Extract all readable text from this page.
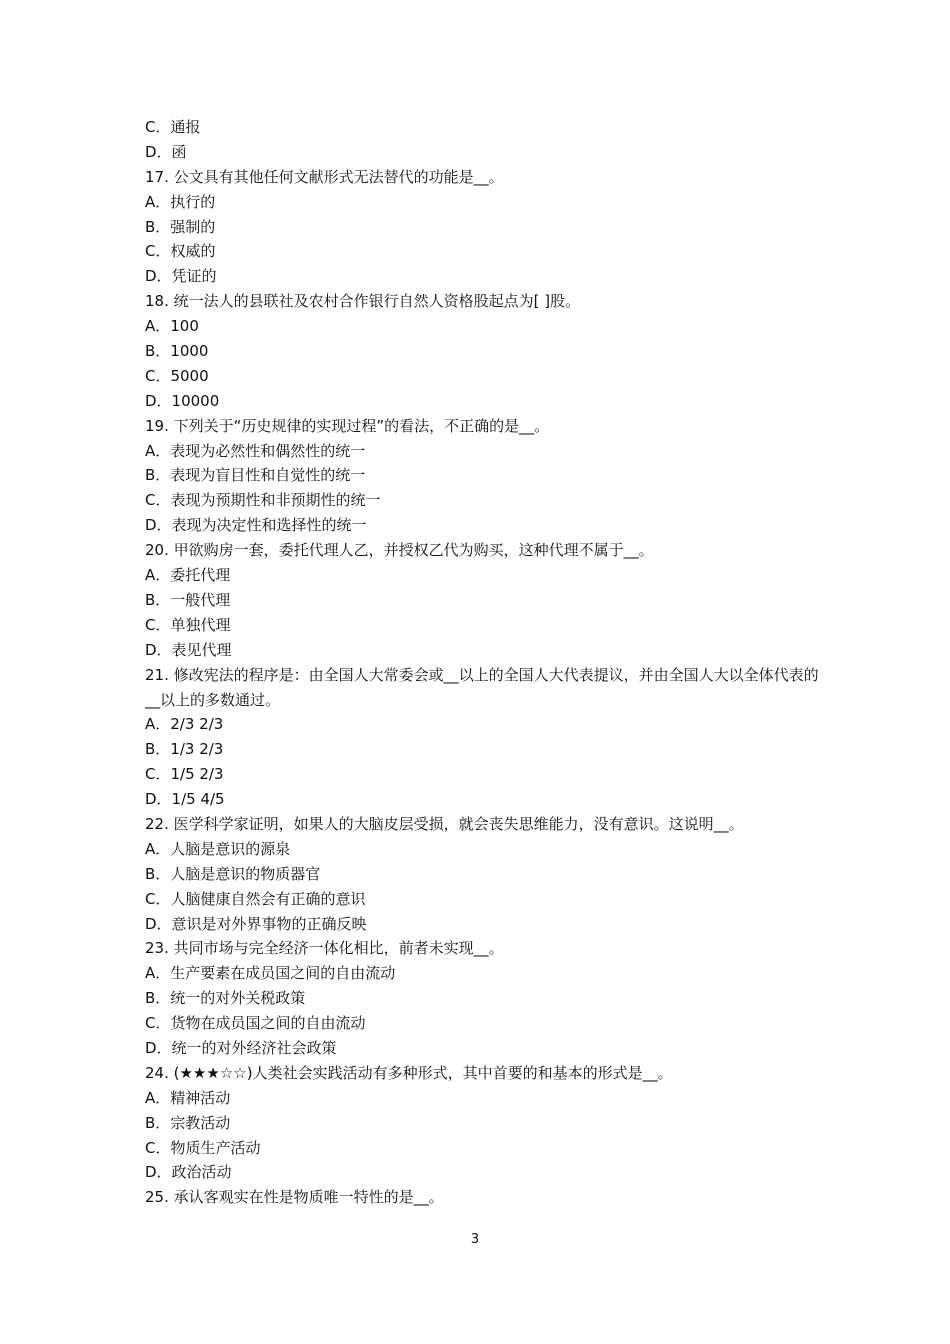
C．通报
D．函
17. 公文具有其他任何文献形式无法替代的功能是__。
A．执行的
B．强制的
C．权威的
D．凭证的
18. 统一法人的县联社及农村合作银行自然人资格股起点为[ ]股。
A．100
B．1000
C．5000
D．10000
19. 下列关于“历史规律的实现过程”的看法，不正确的是__。
A．表现为必然性和偶然性的统一
B．表现为盲目性和自觉性的统一
C．表现为预期性和非预期性的统一
D．表现为决定性和选择性的统一
20. 甲欲购房一套，委托代理人乙，并授权乙代为购买，这种代理不属于__。
A．委托代理
B．一般代理
C．单独代理
D．表见代理
21. 修改宪法的程序是：由全国人大常委会或__以上的全国人大代表提议，并由全国人大以全体代表的__以上的多数通过。
A．2/3 2/3
B．1/3 2/3
C．1/5 2/3
D．1/5 4/5
22. 医学科学家证明，如果人的大脑皮层受损，就会丧失思维能力，没有意识。这说明__。
A．人脑是意识的源泉
B．人脑是意识的物质器官
C．人脑健康自然会有正确的意识
D．意识是对外界事物的正确反映
23. 共同市场与完全经济一体化相比，前者未实现__。
A．生产要素在成员国之间的自由流动
B．统一的对外关税政策
C．货物在成员国之间的自由流动
D．统一的对外经济社会政策
24. (★★★☆☆)人类社会实践活动有多种形式，其中首要的和基本的形式是__。
A．精神活动
B．宗教活动
C．物质生产活动
D．政治活动
25. 承认客观实在性是物质唯一特性的是__。
3
